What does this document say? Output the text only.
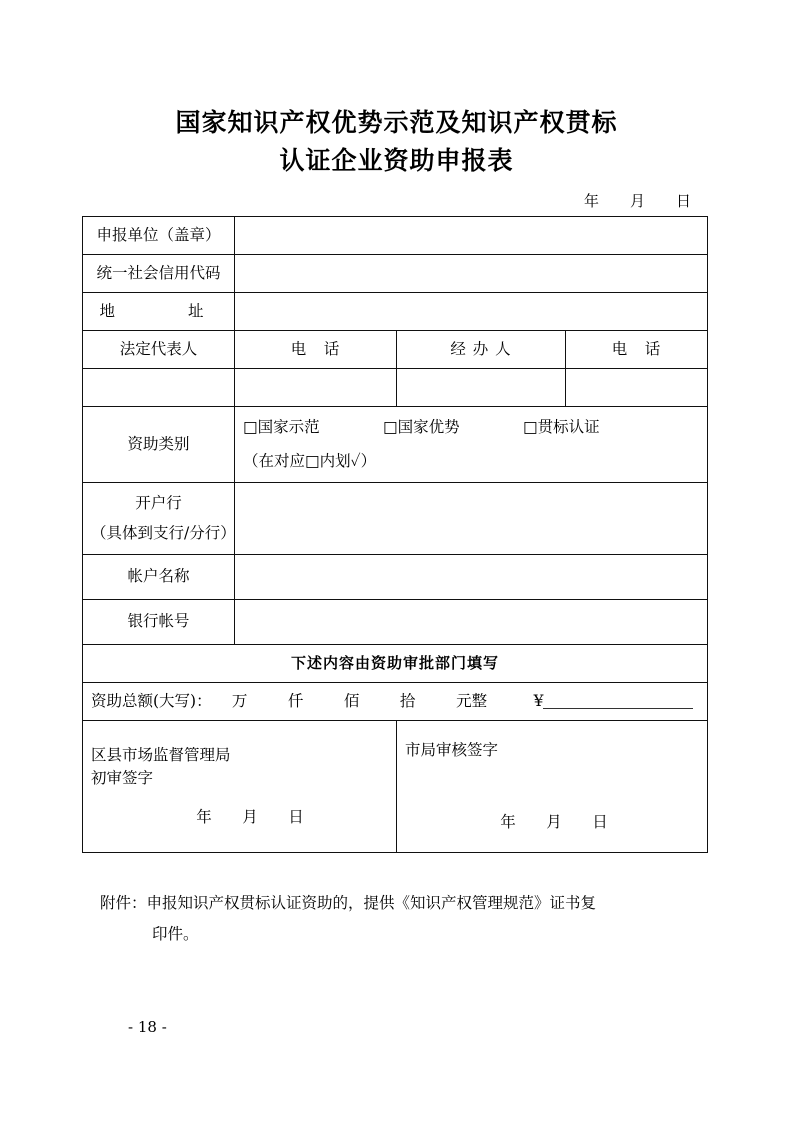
国家知识产权优势示范及知识产权贯标
认证企业资助申报表
年 月 日
申报单位（盖章）			
统一社会信用代码			
地　　址			
法定代表人	电　话	经 办 人	电　话

资助类别	□国家示范 □国家优势 □贯标认证
（在对应□内划✓）		

开户行
（具体到支行/分行）			

帐户名称			
银行帐号			
下述内容由资助审批部门填写			
资助总额(大写)： 万 仟 佰 拾 元整 ¥			

区县市场监督管理局
初审签字
年 月 日

市局审核签字
年 月 日
附件：申报知识产权贯标认证资助的，提供《知识产权管理规范》证书复
印件。
- 18 -
